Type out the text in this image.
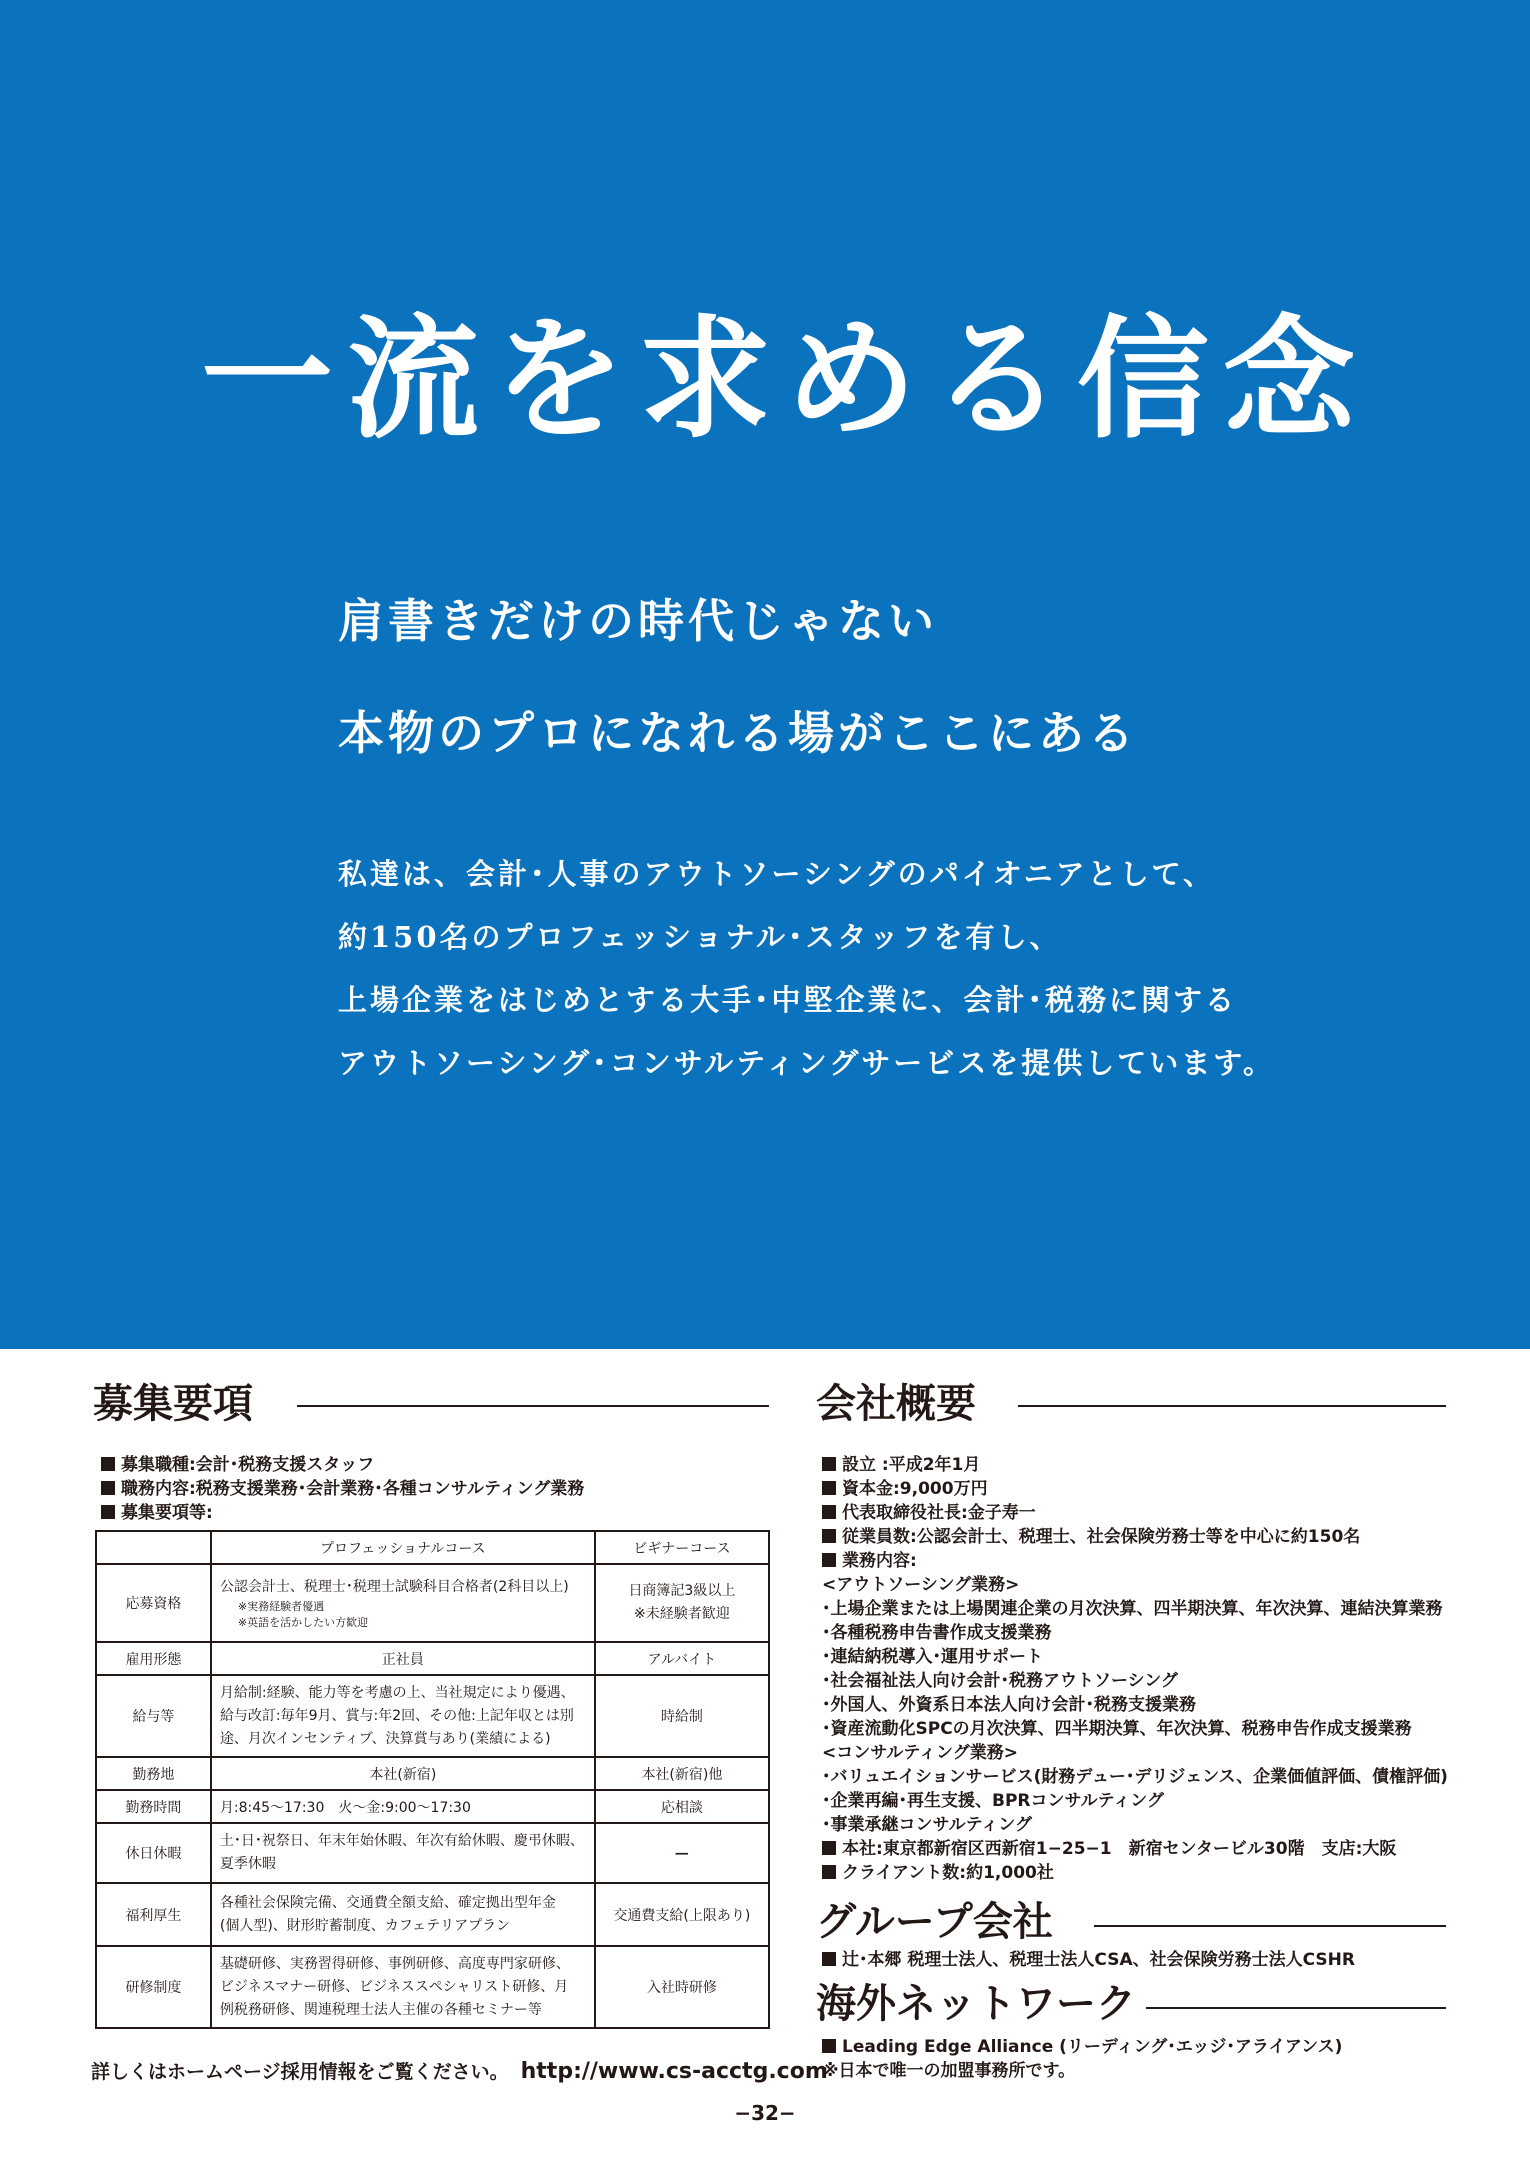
一流を求める信念
肩書きだけの時代じゃない
本物のプロになれる場がここにある
私達は、会計･人事のアウトソーシングのパイオニアとして、
約150名のプロフェッショナル･スタッフを有し、
上場企業をはじめとする大手･中堅企業に、会計･税務に関する
アウトソーシング･コンサルティングサービスを提供しています。
募集要項
募集職種:会計･税務支援スタッフ
職務内容:税務支援業務･会計業務･各種コンサルティング業務
募集要項等:
	プロフェッショナルコース	ビギナーコース
応募資格	公認会計士、税理士･税理士試験科目合格者(2科目以上)
※実務経験者優遇
※英語を活かしたい方歓迎	日商簿記3級以上
※未経験者歓迎

雇用形態	正社員	アルバイト
給与等	月給制:経験、能力等を考慮の上、当社規定により優遇、
給与改訂:毎年9月、賞与:年2回、その他:上記年収とは別
途、月次インセンティブ、決算賞与あり(業績による)	時給制
勤務地	本社(新宿)	本社(新宿)他
勤務時間	月:8:45〜17:30　火〜金:9:00〜17:30	応相談
休日休暇	土･日･祝祭日、年末年始休暇、年次有給休暇、慶弔休暇、
夏季休暇	−
福利厚生	各種社会保険完備、交通費全額支給、確定拠出型年金
(個人型)、財形貯蓄制度、カフェテリアプラン	交通費支給(上限あり)
研修制度	基礎研修、実務習得研修、事例研修、高度専門家研修、
ビジネスマナー研修、ビジネススペシャリスト研修、月
例税務研修、関連税理士法人主催の各種セミナー等	入社時研修
詳しくはホームページ採用情報をご覧ください。 http://www.cs-acctg.com
会社概要
設立 :平成2年1月
資本金:9,000万円
代表取締役社長:金子寿一
従業員数:公認会計士、税理士、社会保険労務士等を中心に約150名
業務内容:
<アウトソーシング業務>
･上場企業または上場関連企業の月次決算、四半期決算、年次決算、連結決算業務
･各種税務申告書作成支援業務
･連結納税導入･運用サポート
･社会福祉法人向け会計･税務アウトソーシング
･外国人、外資系日本法人向け会計･税務支援業務
･資産流動化SPCの月次決算、四半期決算、年次決算、税務申告作成支援業務
<コンサルティング業務>
･バリュエイションサービス(財務デュー･デリジェンス、企業価値評価、債権評価)
･企業再編･再生支援、BPRコンサルティング
･事業承継コンサルティング
本社:東京都新宿区西新宿1−25−1　新宿センタービル30階　支店:大阪
クライアント数:約1,000社
グループ会社
辻･本郷 税理士法人、税理士法人CSA、社会保険労務士法人CSHR
海外ネットワーク
Leading Edge Alliance (リーディング･エッジ･アライアンス)
※日本で唯一の加盟事務所です。
−32−
